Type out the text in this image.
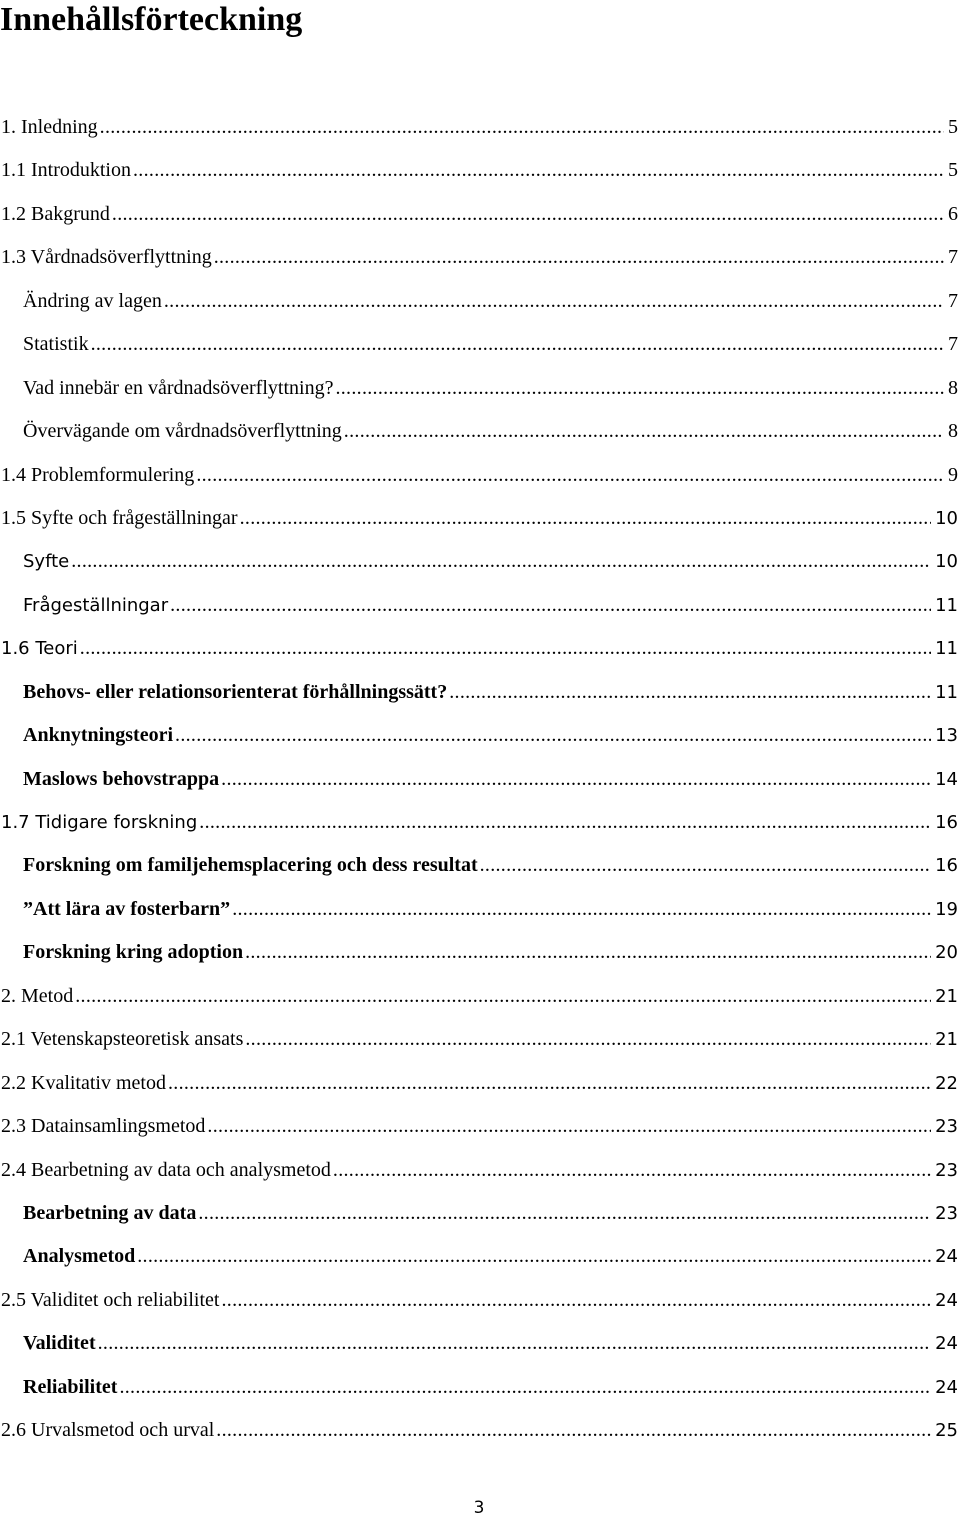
Innehållsförteckning
1. Inledning .....	5
1.1 Introduktion .....	5
1.2 Bakgrund .....	6
1.3 Vårdnadsöverflyttning .....	7
Ändring av lagen .....	7
Statistik .....	7
Vad innebär en vårdnadsöverflyttning? .....	8
Övervägande om vårdnadsöverflyttning .....	8
1.4 Problemformulering .....	9
1.5 Syfte och frågeställningar .....	10
Syfte .....	10
Frågeställningar .....	11
1.6 Teori .....	11
Behovs- eller relationsorienterat förhållningssätt? .....	11
Anknytningsteori .....	13
Maslows behovstrappa .....	14
1.7 Tidigare forskning .....	16
Forskning om familjehemsplacering och dess resultat .....	16
”Att lära av fosterbarn” .....	19
Forskning kring adoption .....	20
2. Metod .....	21
2.1 Vetenskapsteoretisk ansats .....	21
2.2 Kvalitativ metod .....	22
2.3 Datainsamlingsmetod .....	23
2.4 Bearbetning av data och analysmetod .....	23
Bearbetning av data .....	23
Analysmetod .....	24
2.5 Validitet och reliabilitet .....	24
Validitet .....	24
Reliabilitet .....	24
2.6 Urvalsmetod och urval .....	25
3
